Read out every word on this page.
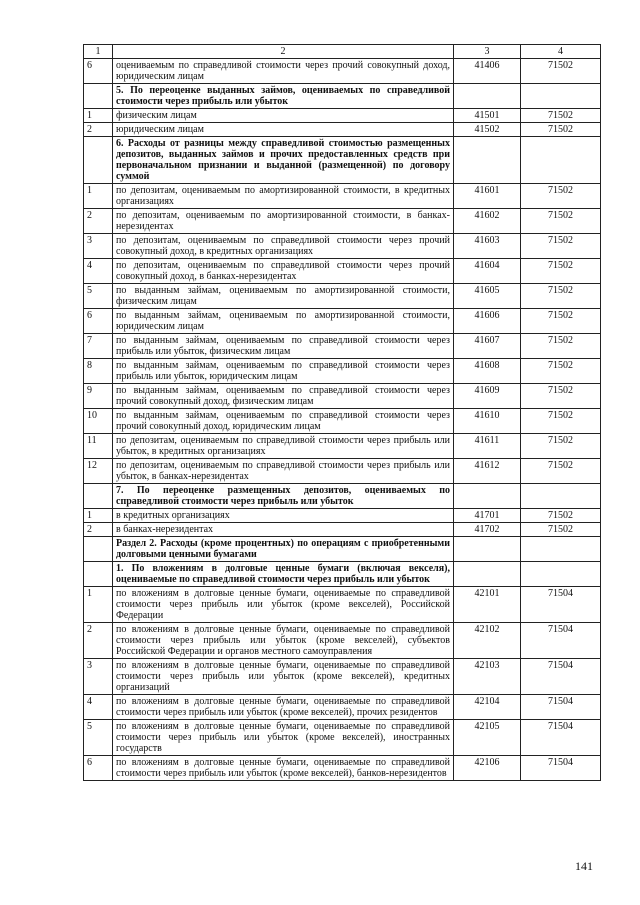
1	2	3	4
6	оцениваемым по справедливой стоимости через прочий совокупный доход, юридическим лицам	41406	71502
	5. По переоценке выданных займов, оцениваемых по справедливой стоимости через прибыль или убыток		
1	физическим лицам	41501	71502
2	юридическим лицам	41502	71502
	6. Расходы от разницы между справедливой стоимостью размещенных депозитов, выданных займов и прочих предоставленных средств при первоначальном признании и выданной (размещенной) по договору суммой		
1	по депозитам, оцениваемым по амортизированной стоимости, в кредитных организациях	41601	71502
2	по депозитам, оцениваемым по амортизированной стоимости, в банках-нерезидентах	41602	71502
3	по депозитам, оцениваемым по справедливой стоимости через прочий совокупный доход, в кредитных организациях	41603	71502
4	по депозитам, оцениваемым по справедливой стоимости через прочий совокупный доход, в банках-нерезидентах	41604	71502
5	по выданным займам, оцениваемым по амортизированной стоимости, физическим лицам	41605	71502
6	по выданным займам, оцениваемым по амортизированной стоимости, юридическим лицам	41606	71502
7	по выданным займам, оцениваемым по справедливой стоимости через прибыль или убыток, физическим лицам	41607	71502
8	по выданным займам, оцениваемым по справедливой стоимости через прибыль или убыток, юридическим лицам	41608	71502
9	по выданным займам, оцениваемым по справедливой стоимости через прочий совокупный доход, физическим лицам	41609	71502
10	по выданным займам, оцениваемым по справедливой стоимости через прочий совокупный доход, юридическим лицам	41610	71502
11	по депозитам, оцениваемым по справедливой стоимости через прибыль или убыток, в кредитных организациях	41611	71502
12	по депозитам, оцениваемым по справедливой стоимости через прибыль или убыток, в банках-нерезидентах	41612	71502
	7. По переоценке размещенных депозитов, оцениваемых по справедливой стоимости через прибыль или убыток		
1	в кредитных организациях	41701	71502
2	в банках-нерезидентах	41702	71502
	Раздел 2. Расходы (кроме процентных) по операциям с приобретенными долговыми ценными бумагами		
	1. По вложениям в долговые ценные бумаги (включая векселя), оцениваемые по справедливой стоимости через прибыль или убыток		
1	по вложениям в долговые ценные бумаги, оцениваемые по справедливой стоимости через прибыль или убыток (кроме векселей), Российской Федерации	42101	71504
2	по вложениям в долговые ценные бумаги, оцениваемые по справедливой стоимости через прибыль или убыток (кроме векселей), субъектов Российской Федерации и органов местного самоуправления	42102	71504
3	по вложениям в долговые ценные бумаги, оцениваемые по справедливой стоимости через прибыль или убыток (кроме векселей), кредитных организаций	42103	71504
4	по вложениям в долговые ценные бумаги, оцениваемые по справедливой стоимости через прибыль или убыток (кроме векселей), прочих резидентов	42104	71504
5	по вложениям в долговые ценные бумаги, оцениваемые по справедливой стоимости через прибыль или убыток (кроме векселей), иностранных государств	42105	71504
6	по вложениям в долговые ценные бумаги, оцениваемые по справедливой стоимости через прибыль или убыток (кроме векселей), банков-нерезидентов	42106	71504
141
